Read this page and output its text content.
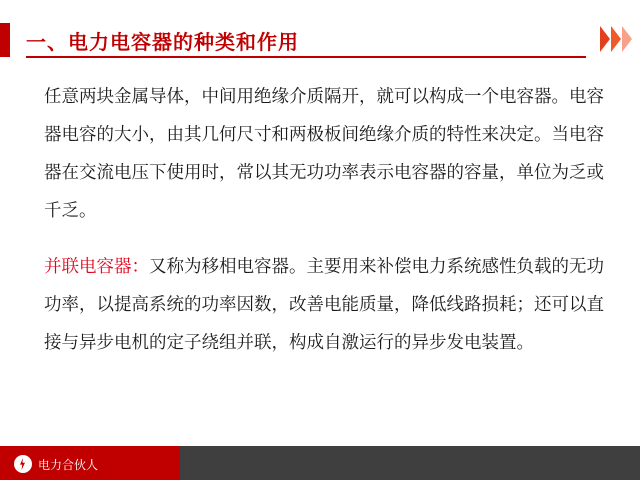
一、电力电容器的种类和作用

任意两块金属导体，中间用绝缘介质隔开，就可以构成一个电容器。电容器电容的大小，由其几何尺寸和两极板间绝缘介质的特性来决定。当电容器在交流电压下使用时，常以其无功功率表示电容器的容量，单位为乏或千乏。

并联电容器：又称为移相电容器。主要用来补偿电力系统感性负载的无功功率，以提高系统的功率因数，改善电能质量，降低线路损耗；还可以直接与异步电机的定子绕组并联，构成自激运行的异步发电装置。

电力合伙人
